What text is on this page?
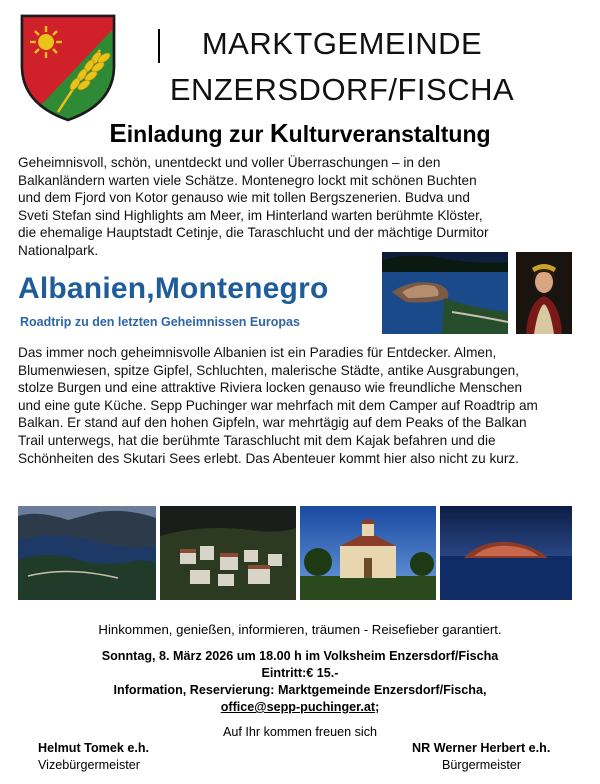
MARKTGEMEINDE
ENZERSDORF/FISCHA
Einladung zur Kulturveranstaltung
Geheimnisvoll, schön, unentdeckt und voller Überraschungen – in den
Balkanländern warten viele Schätze. Montenegro lockt mit schönen Buchten
und dem Fjord von Kotor genauso wie mit tollen Bergszenerien. Budva und
Sveti Stefan sind Highlights am Meer, im Hinterland warten berühmte Klöster,
die ehemalige Hauptstadt Cetinje, die Taraschlucht und der mächtige Durmitor
Nationalpark.
Albanien,Montenegro
Roadtrip zu den letzten Geheimnissen Europas
Das immer noch geheimnisvolle Albanien ist ein Paradies für Entdecker. Almen,
Blumenwiesen, spitze Gipfel, Schluchten, malerische Städte, antike Ausgrabungen,
stolze Burgen und eine attraktive Riviera locken genauso wie freundliche Menschen
und eine gute Küche. Sepp Puchinger war mehrfach mit dem Camper auf Roadtrip am
Balkan. Er stand auf den hohen Gipfeln, war mehrtägig auf dem Peaks of the Balkan
Trail unterwegs, hat die berühmte Taraschlucht mit dem Kajak befahren und die
Schönheiten des Skutari Sees erlebt. Das Abenteuer kommt hier also nicht zu kurz.
Hinkommen, genießen, informieren, träumen - Reisefieber garantiert.
Sonntag, 8. März 2026 um 18.00 h im Volksheim Enzersdorf/Fischa
Eintritt:€ 15.-
Information, Reservierung: Marktgemeinde Enzersdorf/Fischa,
office@sepp-puchinger.at;
Auf Ihr kommen freuen sich
Helmut Tomek e.h.
Vizebürgermeister
NR Werner Herbert e.h.
Bürgermeister
